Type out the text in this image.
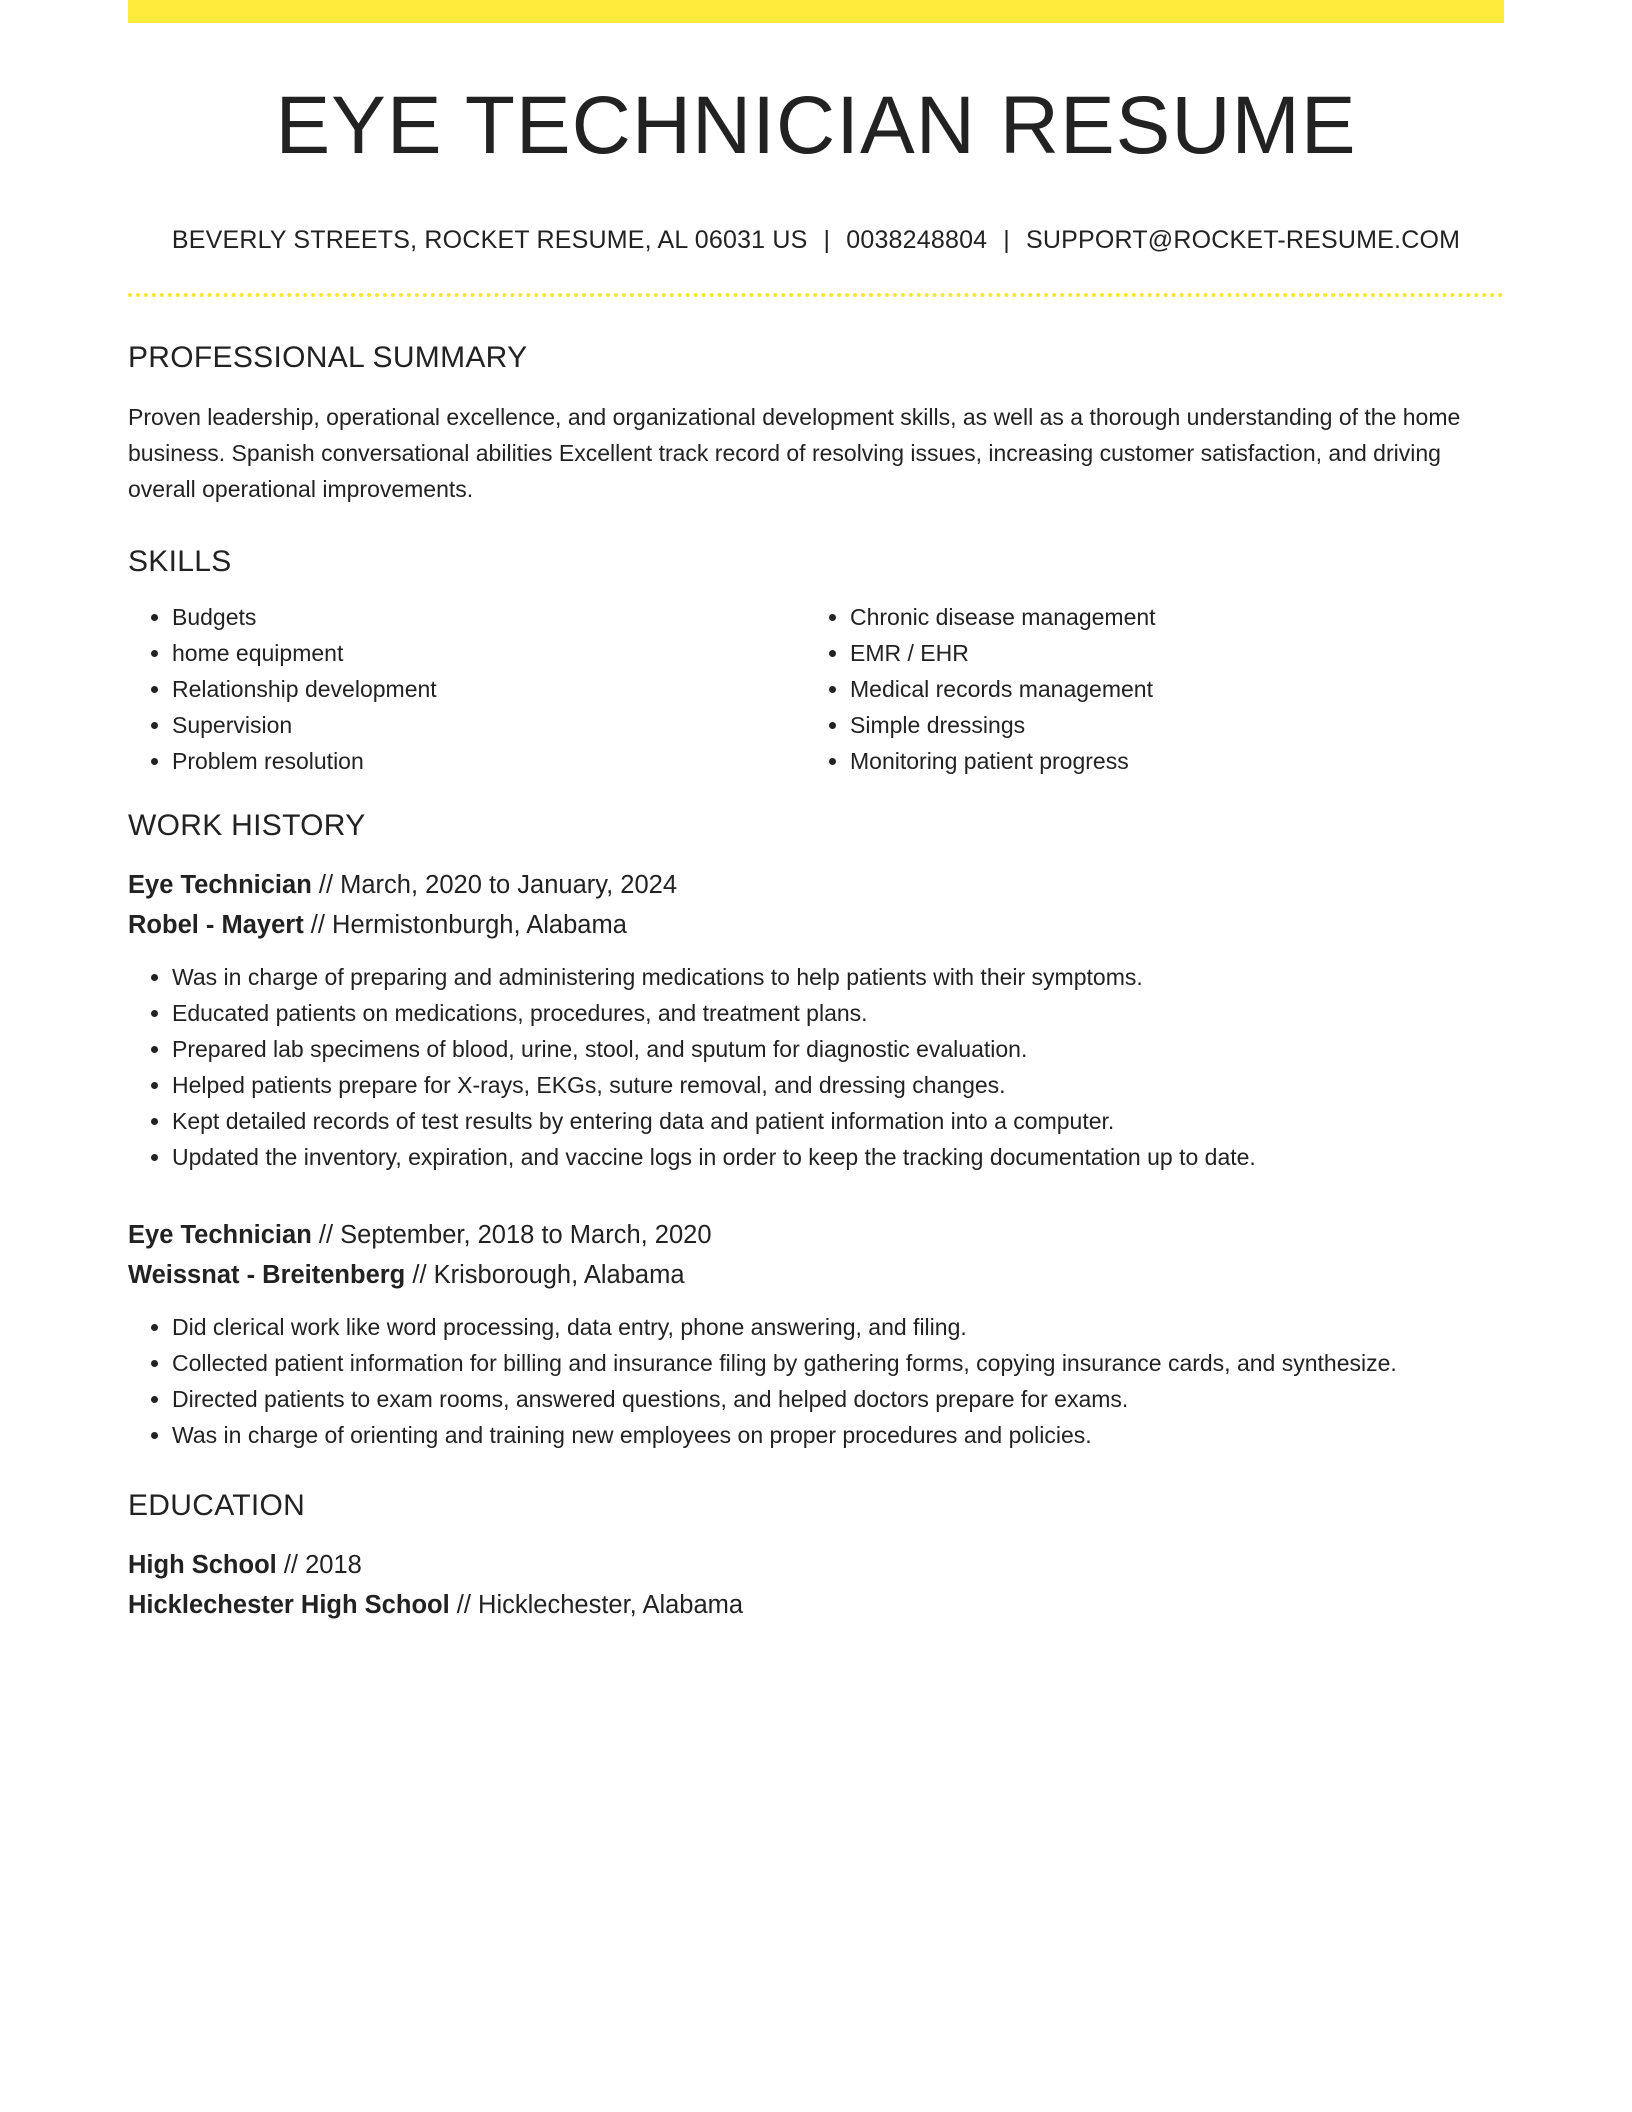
EYE TECHNICIAN RESUME
BEVERLY STREETS, ROCKET RESUME, AL 06031 US | 0038248804 | SUPPORT@ROCKET-RESUME.COM
PROFESSIONAL SUMMARY
Proven leadership, operational excellence, and organizational development skills, as well as a thorough understanding of the home business. Spanish conversational abilities Excellent track record of resolving issues, increasing customer satisfaction, and driving overall operational improvements.
SKILLS
• Budgets
• home equipment
• Relationship development
• Supervision
• Problem resolution
• Chronic disease management
• EMR / EHR
• Medical records management
• Simple dressings
• Monitoring patient progress
WORK HISTORY
Eye Technician // March, 2020 to January, 2024
Robel - Mayert // Hermistonburgh, Alabama
• Was in charge of preparing and administering medications to help patients with their symptoms.
• Educated patients on medications, procedures, and treatment plans.
• Prepared lab specimens of blood, urine, stool, and sputum for diagnostic evaluation.
• Helped patients prepare for X-rays, EKGs, suture removal, and dressing changes.
• Kept detailed records of test results by entering data and patient information into a computer.
• Updated the inventory, expiration, and vaccine logs in order to keep the tracking documentation up to date.
Eye Technician // September, 2018 to March, 2020
Weissnat - Breitenberg // Krisborough, Alabama
• Did clerical work like word processing, data entry, phone answering, and filing.
• Collected patient information for billing and insurance filing by gathering forms, copying insurance cards, and synthesize.
• Directed patients to exam rooms, answered questions, and helped doctors prepare for exams.
• Was in charge of orienting and training new employees on proper procedures and policies.
EDUCATION
High School // 2018
Hicklechester High School // Hicklechester, Alabama
